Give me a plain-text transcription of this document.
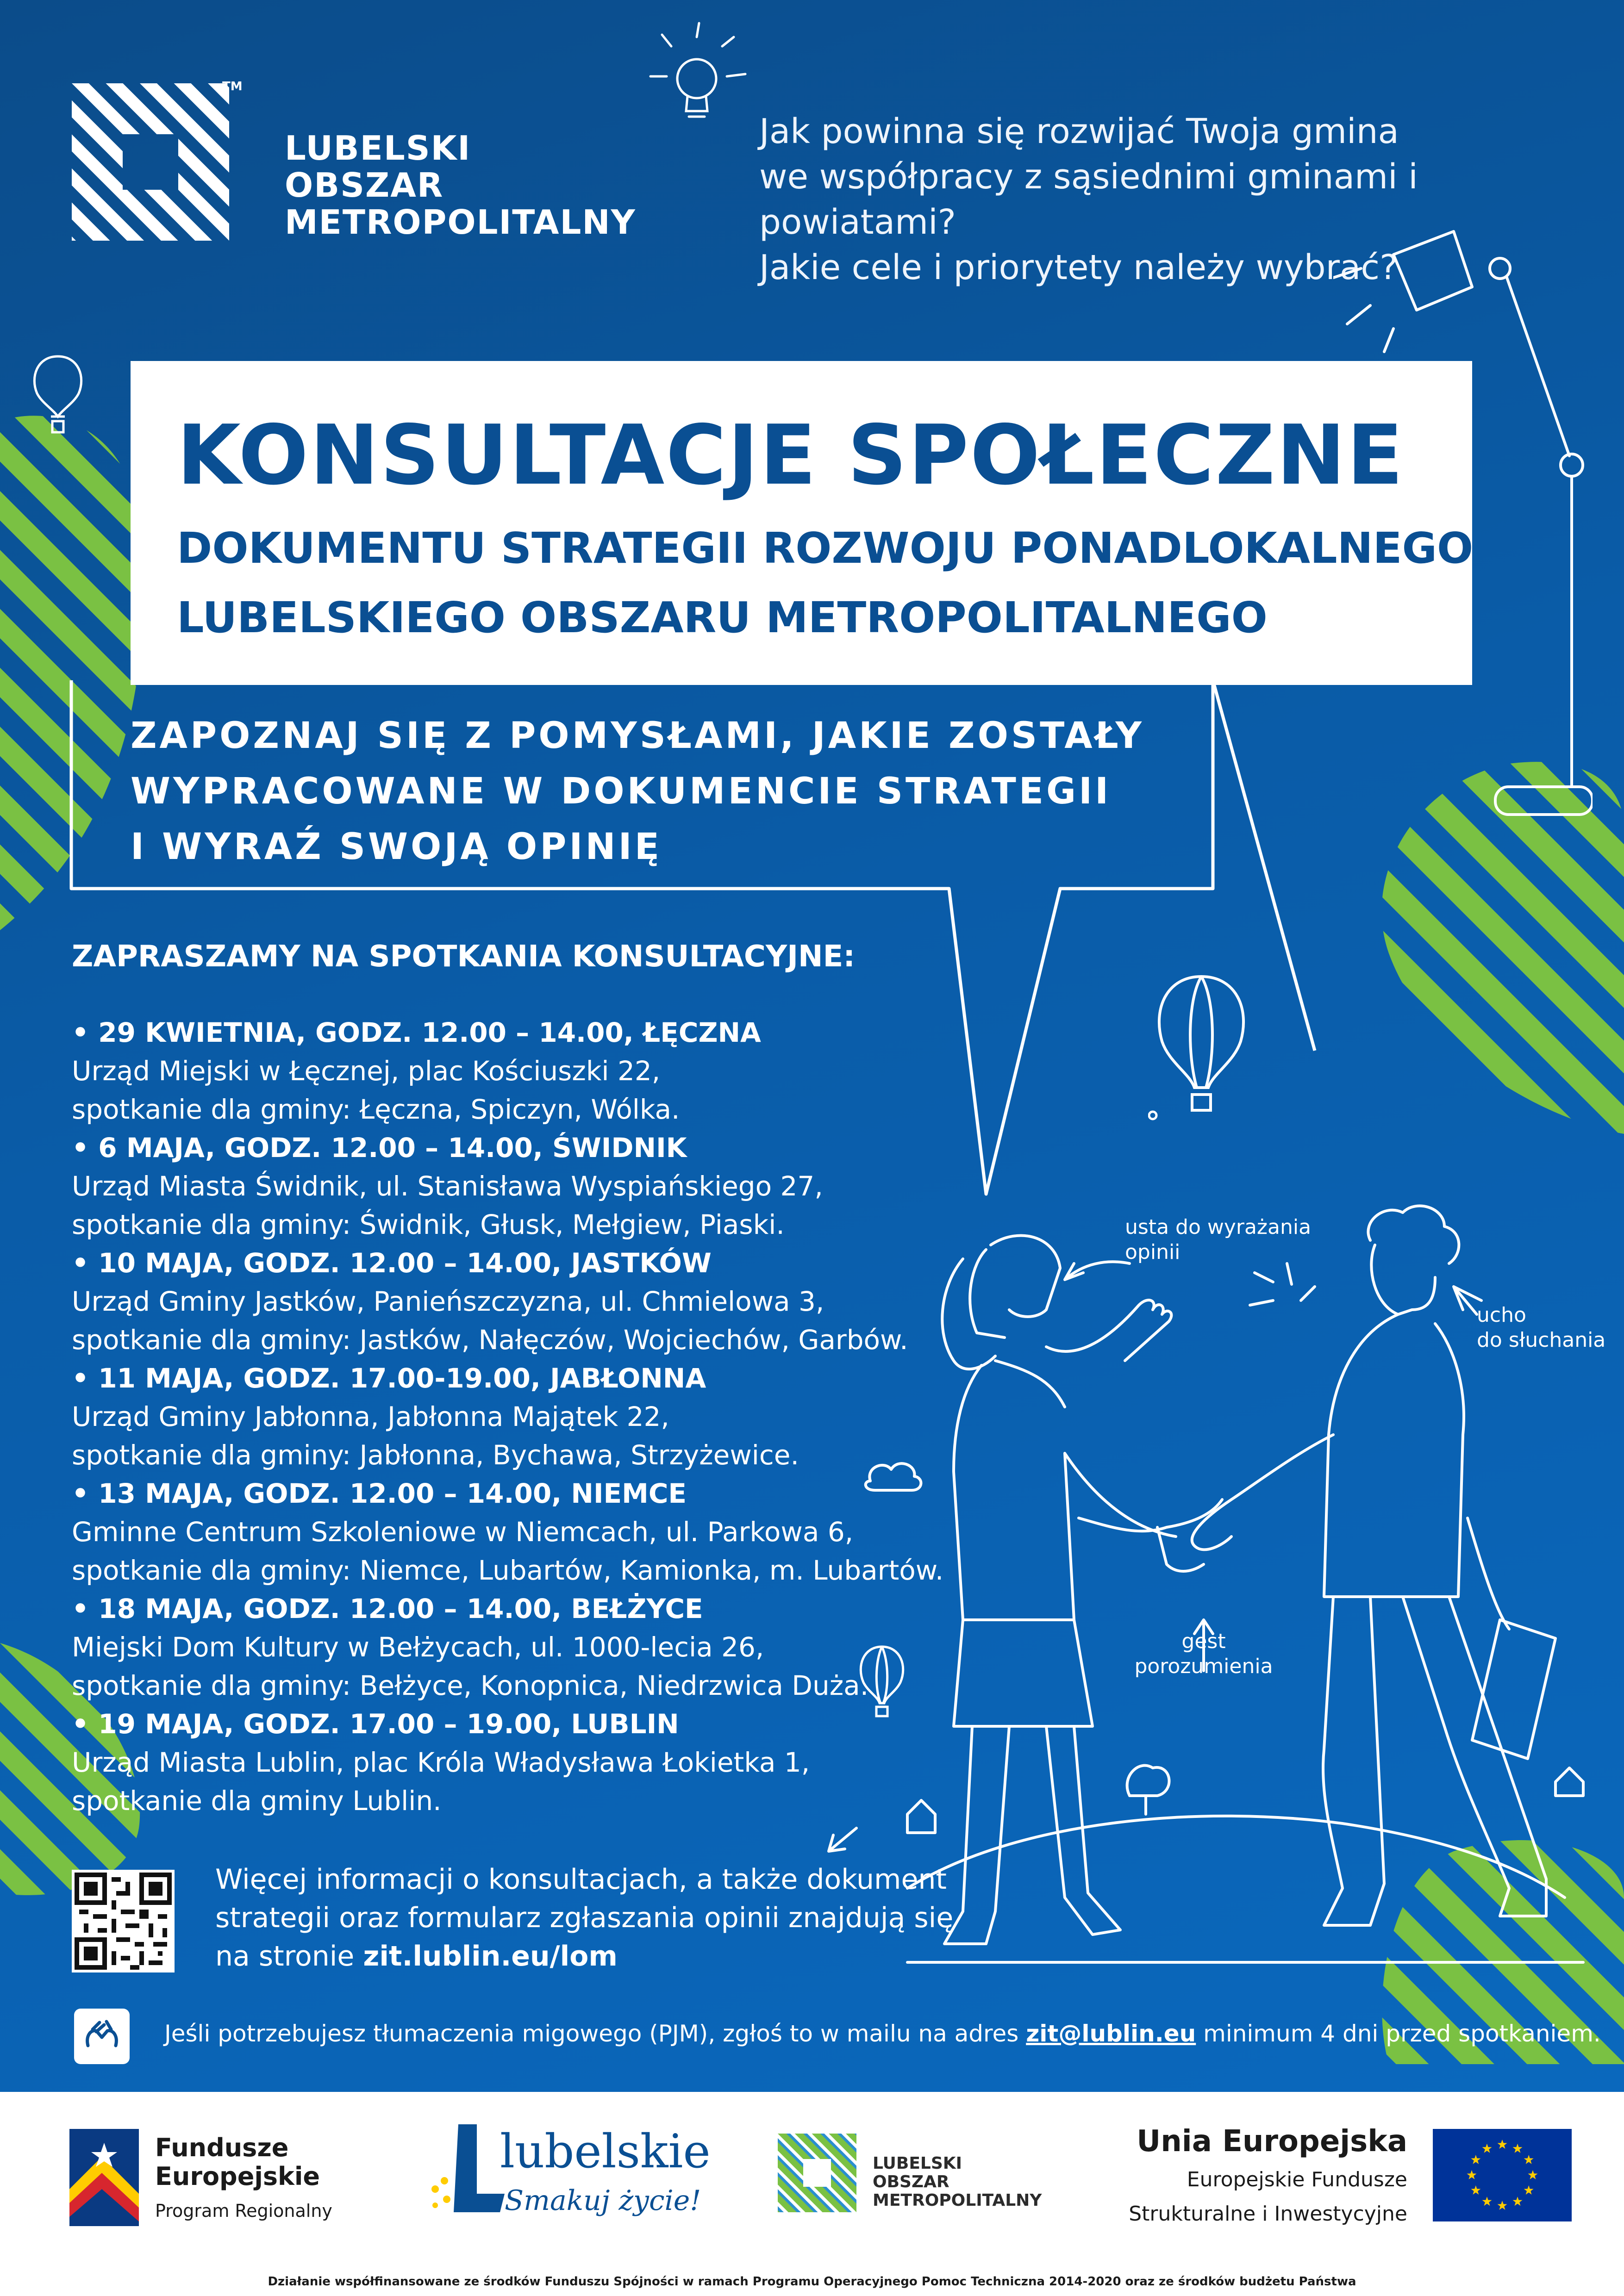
TM
LUBELSKI
OBSZAR
METROPOLITALNY
Jak powinna się rozwijać Twoja gmina
we współpracy z sąsiednimi gminami i powiatami?
Jakie cele i priorytety należy wybrać?
KONSULTACJE SPOŁECZNE
DOKUMENTU STRATEGII ROZWOJU PONADLOKALNEGO
LUBELSKIEGO OBSZARU METROPOLITALNEGO
ZAPOZNAJ SIĘ Z POMYSŁAMI, JAKIE ZOSTAŁY
WYPRACOWANE W DOKUMENCIE STRATEGII
I WYRAŹ SWOJĄ OPINIĘ
ZAPRASZAMY NA SPOTKANIA KONSULTACYJNE:
• 29 KWIETNIA, GODZ. 12.00 – 14.00, ŁĘCZNA
Urząd Miejski w Łęcznej, plac Kościuszki 22,
spotkanie dla gminy: Łęczna, Spiczyn, Wólka.
• 6 MAJA, GODZ. 12.00 – 14.00, ŚWIDNIK
Urząd Miasta Świdnik, ul. Stanisława Wyspiańskiego 27,
spotkanie dla gminy: Świdnik, Głusk, Mełgiew, Piaski.
• 10 MAJA, GODZ. 12.00 – 14.00, JASTKÓW
Urząd Gminy Jastków, Panieńszczyzna, ul. Chmielowa 3,
spotkanie dla gminy: Jastków, Nałęczów, Wojciechów, Garbów.
• 11 MAJA, GODZ. 17.00-19.00, JABŁONNA
Urząd Gminy Jabłonna, Jabłonna Majątek 22,
spotkanie dla gminy: Jabłonna, Bychawa, Strzyżewice.
• 13 MAJA, GODZ. 12.00 – 14.00, NIEMCE
Gminne Centrum Szkoleniowe w Niemcach, ul. Parkowa 6,
spotkanie dla gminy: Niemce, Lubartów, Kamionka, m. Lubartów.
• 18 MAJA, GODZ. 12.00 – 14.00, BEŁŻYCE
Miejski Dom Kultury w Bełżycach, ul. 1000-lecia 26,
spotkanie dla gminy: Bełżyce, Konopnica, Niedrzwica Duża.
• 19 MAJA, GODZ. 17.00 – 19.00, LUBLIN
Urząd Miasta Lublin, plac Króla Władysława Łokietka 1,
spotkanie dla gminy Lublin.
usta do wyrażania
opinii
ucho
do słuchania
gest
porozumienia
Więcej informacji o konsultacjach, a także dokument
strategii oraz formularz zgłaszania opinii znajdują się
na stronie zit.lublin.eu/lom
Jeśli potrzebujesz tłumaczenia migowego (PJM), zgłoś to w mailu na adres zit@lublin.eu minimum 4 dni przed spotkaniem.
Fundusze
Europejskie
Program Regionalny
lubelskie
Smakuj życie!
LUBELSKI
OBSZAR
METROPOLITALNY
Unia Europejska
Europejskie Fundusze
Strukturalne i Inwestycyjne
Działanie współfinansowane ze środków Funduszu Spójności w ramach Programu Operacyjnego Pomoc Techniczna 2014-2020 oraz ze środków budżetu Państwa
